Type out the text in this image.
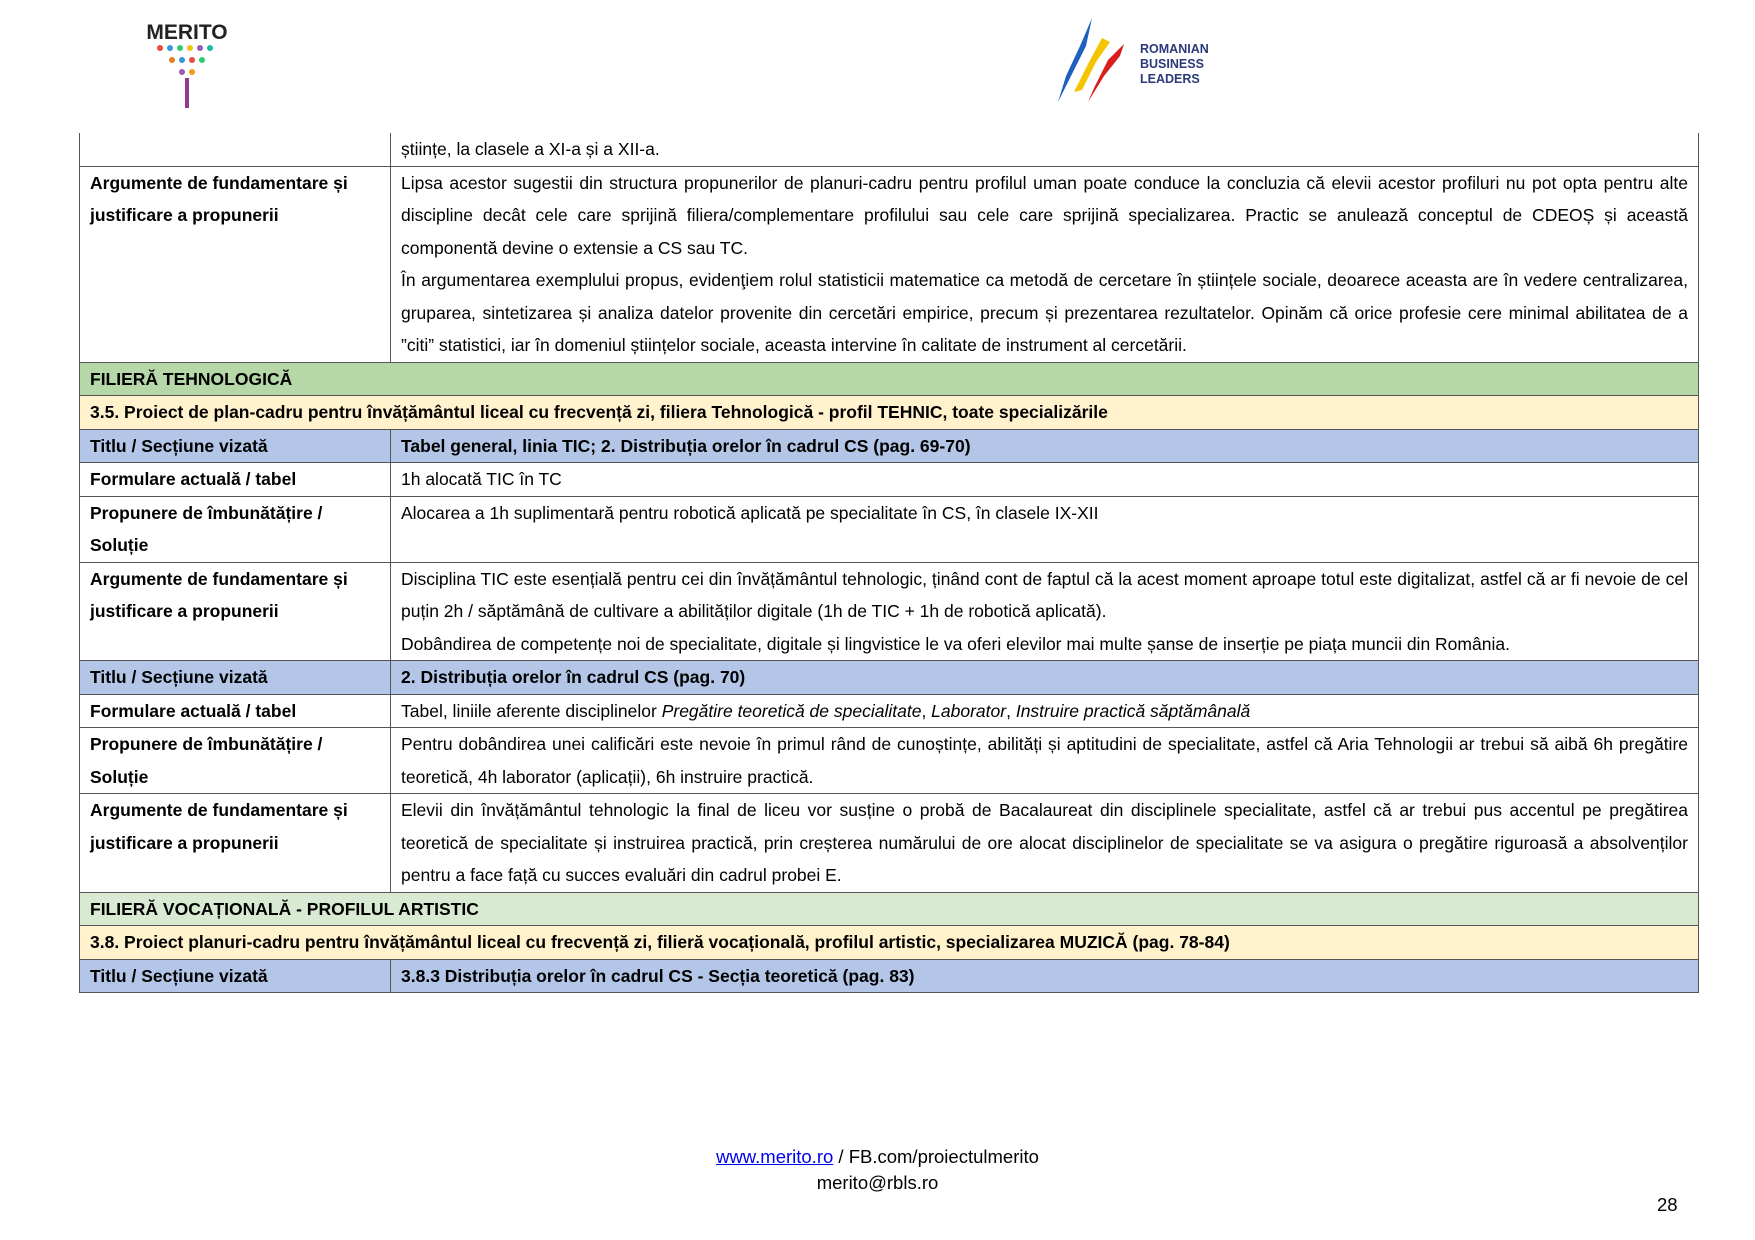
MERITO
ROMANIAN
BUSINESS
LEADERS
	științe, la clasele a XI-a și a XII-a.
Argumente de fundamentare și justificare a propunerii	Lipsa acestor sugestii din structura propunerilor de planuri-cadru pentru profilul uman poate conduce la concluzia că elevii acestor profiluri nu pot opta pentru alte discipline decât cele care sprijină filiera/complementare profilului sau cele care sprijină specializarea. Practic se anulează conceptul de CDEOȘ și această componentă devine o extensie a CS sau TC.

În argumentarea exemplului propus, evidenţiem rolul statisticii matematice ca metodă de cercetare în științele sociale, deoarece aceasta are în vedere centralizarea, gruparea, sintetizarea și analiza datelor provenite din cercetări empirice, precum și prezentarea rezultatelor. Opinăm că orice profesie cere minimal abilitatea de a ”citi” statistici, iar în domeniul științelor sociale, aceasta intervine în calitate de instrument al cercetării.

FILIERĂ TEHNOLOGICĂ	
3.5. Proiect de plan-cadru pentru învățământul liceal cu frecvență zi, filiera Tehnologică - profil TEHNIC, toate specializările	
Titlu / Secțiune vizată	Tabel general, linia TIC; 2. Distribuția orelor în cadrul CS (pag. 69-70)
Formulare actuală / tabel	1h alocată TIC în TC
Propunere de îmbunătățire / Soluție	Alocarea a 1h suplimentară pentru robotică aplicată pe specialitate în CS, în clasele IX-XII
Argumente de fundamentare și justificare a propunerii	Disciplina TIC este esențială pentru cei din învățământul tehnologic, ținând cont de faptul că la acest moment aproape totul este digitalizat, astfel că ar fi nevoie de cel puțin 2h / săptămână de cultivare a abilităților digitale (1h de TIC + 1h de robotică aplicată).

Dobândirea de competențe noi de specialitate, digitale și lingvistice le va oferi elevilor mai multe șanse de inserție pe piața muncii din România.

Titlu / Secțiune vizată	2. Distribuția orelor în cadrul CS (pag. 70)
Formulare actuală / tabel	Tabel, liniile aferente disciplinelor Pregătire teoretică de specialitate, Laborator, Instruire practică săptămânală
Propunere de îmbunătățire / Soluție	Pentru dobândirea unei calificări este nevoie în primul rând de cunoștințe, abilități și aptitudini de specialitate, astfel că Aria Tehnologii ar trebui să aibă 6h pregătire teoretică, 4h laborator (aplicații), 6h instruire practică.
Argumente de fundamentare și justificare a propunerii	Elevii din învățământul tehnologic la final de liceu vor susține o probă de Bacalaureat din disciplinele specialitate, astfel că ar trebui pus accentul pe pregătirea teoretică de specialitate și instruirea practică, prin creșterea numărului de ore alocat disciplinelor de specialitate se va asigura o pregătire riguroasă a absolvenților pentru a face față cu succes evaluări din cadrul probei E.
FILIERĂ VOCAȚIONALĂ - PROFILUL ARTISTIC	
3.8. Proiect planuri-cadru pentru învățământul liceal cu frecvență zi, filieră vocațională, profilul artistic, specializarea MUZICĂ (pag. 78-84)	
Titlu / Secțiune vizată	3.8.3 Distribuția orelor în cadrul CS - Secția teoretică (pag. 83)
www.merito.ro / FB.com/proiectulmerito
merito@rbls.ro
28
